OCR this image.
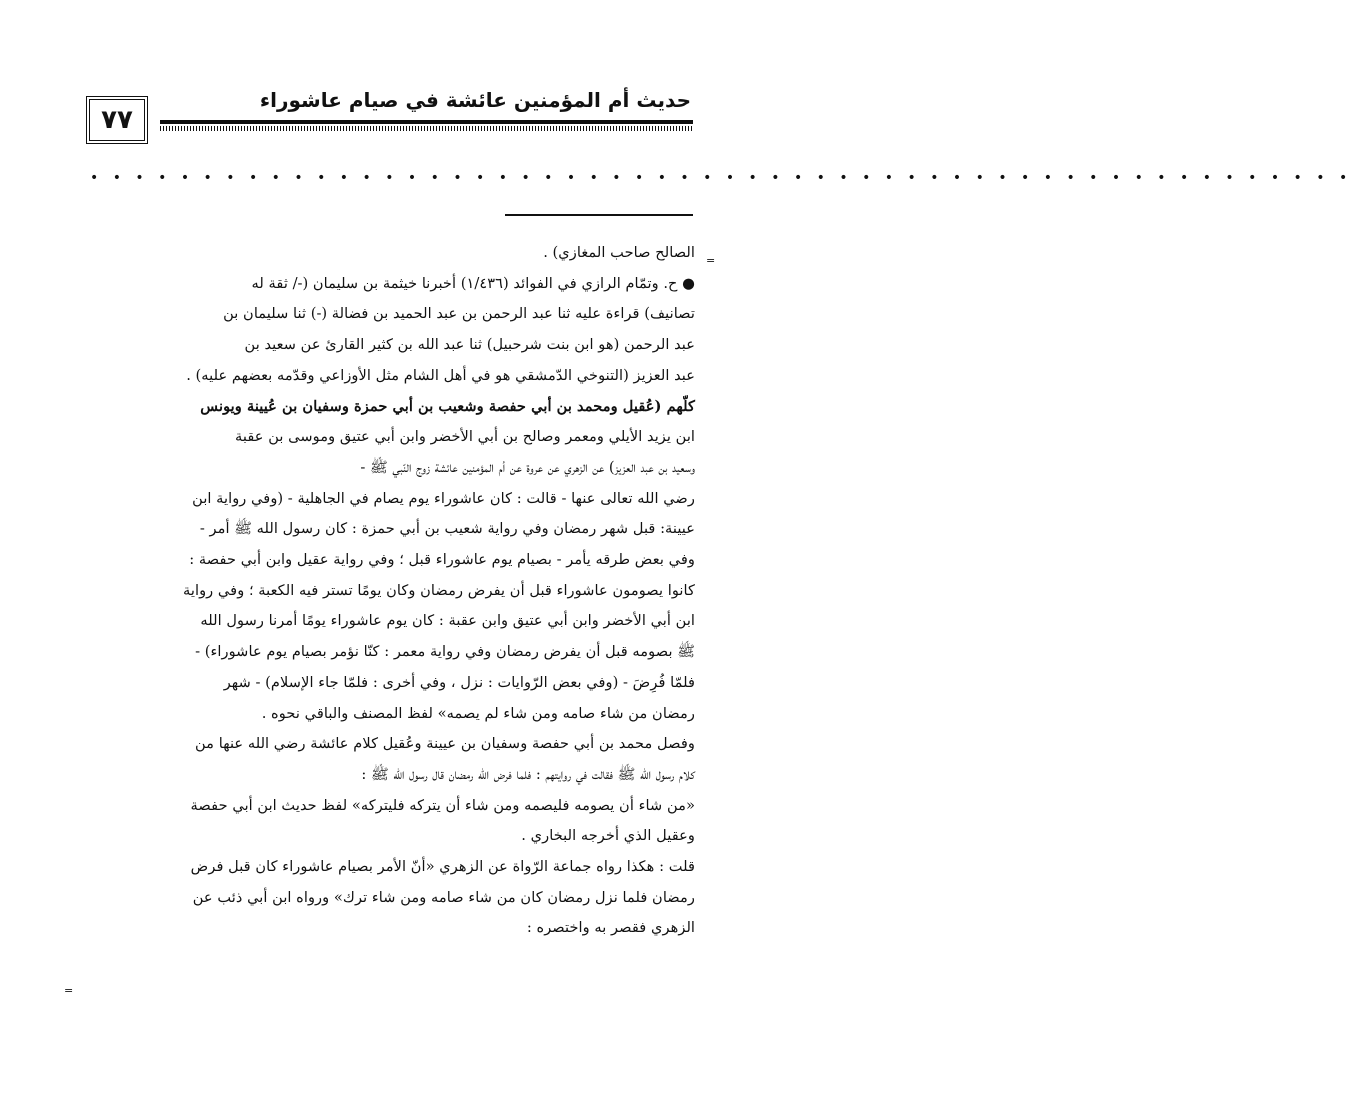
حديث أم المؤمنين عائشة في صيام عاشوراء
٧٧
• • • • • • • • • • • • • • • • • • • • • • • • • • • • • • • • • • • • • • • • • • • • • • • • • • • • • • • •
=
=
الصالح صاحب المغازي) .
● ح. وتمّام الرازي في الفوائد (١/٤٣٦) أخبرنا خيثمة بن سليمان (-/ ثقة له
تصانيف) قراءة عليه ثنا عبد الرحمن بن عبد الحميد بن فضالة (-) ثنا سليمان بن
عبد الرحمن (هو ابن بنت شرحبيل) ثنا عبد الله بن كثير القارئ عن سعيد بن
عبد العزيز (التنوخي الدّمشقي هو في أهل الشام مثل الأوزاعي وقدّمه بعضهم عليه) .
كلّهم (عُقيل ومحمد بن أبي حفصة وشعيب بن أبي حمزة وسفيان بن عُيينة ويونس
ابن يزيد الأيلي ومعمر وصالح بن أبي الأخضر وابن أبي عتيق وموسى بن عقبة
وسعيد بن عبد العزيز) عن الزهري عن عروة عن أم المؤمنين عائشة زوج النّبي ﷺ -
رضي الله تعالى عنها - قالت : كان عاشوراء يوم يصام في الجاهلية - (وفي رواية ابن
عيينة: قبل شهر رمضان وفي رواية شعيب بن أبي حمزة : كان رسول الله ﷺ أمر -
وفي بعض طرقه يأمر - بصيام يوم عاشوراء قبل ؛ وفي رواية عقيل وابن أبي حفصة :
كانوا يصومون عاشوراء قبل أن يفرض رمضان وكان يومًا تستر فيه الكعبة ؛ وفي رواية
ابن أبي الأخضر وابن أبي عتيق وابن عقبة : كان يوم عاشوراء يومًا أمرنا رسول الله
ﷺ بصومه قبل أن يفرض رمضان وفي رواية معمر : كنّا نؤمر بصيام يوم عاشوراء) -
فلمّا فُرِضَ - (وفي بعض الرّوايات : نزل ، وفي أخرى : فلمّا جاء الإسلام) - شهر
رمضان من شاء صامه ومن شاء لم يصمه» لفظ المصنف والباقي نحوه .
وفصل محمد بن أبي حفصة وسفيان بن عيينة وعُقيل كلام عائشة رضي الله عنها من
كلام رسول الله ﷺ فقالت في روايتهم : فلما فرض الله رمضان قال رسول الله ﷺ :
«من شاء أن يصومه فليصمه ومن شاء أن يتركه فليتركه» لفظ حديث ابن أبي حفصة
وعقيل الذي أخرجه البخاري .
قلت : هكذا رواه جماعة الرّواة عن الزهري «أنّ الأمر بصيام عاشوراء كان قبل فرض
رمضان فلما نزل رمضان كان من شاء صامه ومن شاء ترك» ورواه ابن أبي ذئب عن
الزهري فقصر به واختصره :
